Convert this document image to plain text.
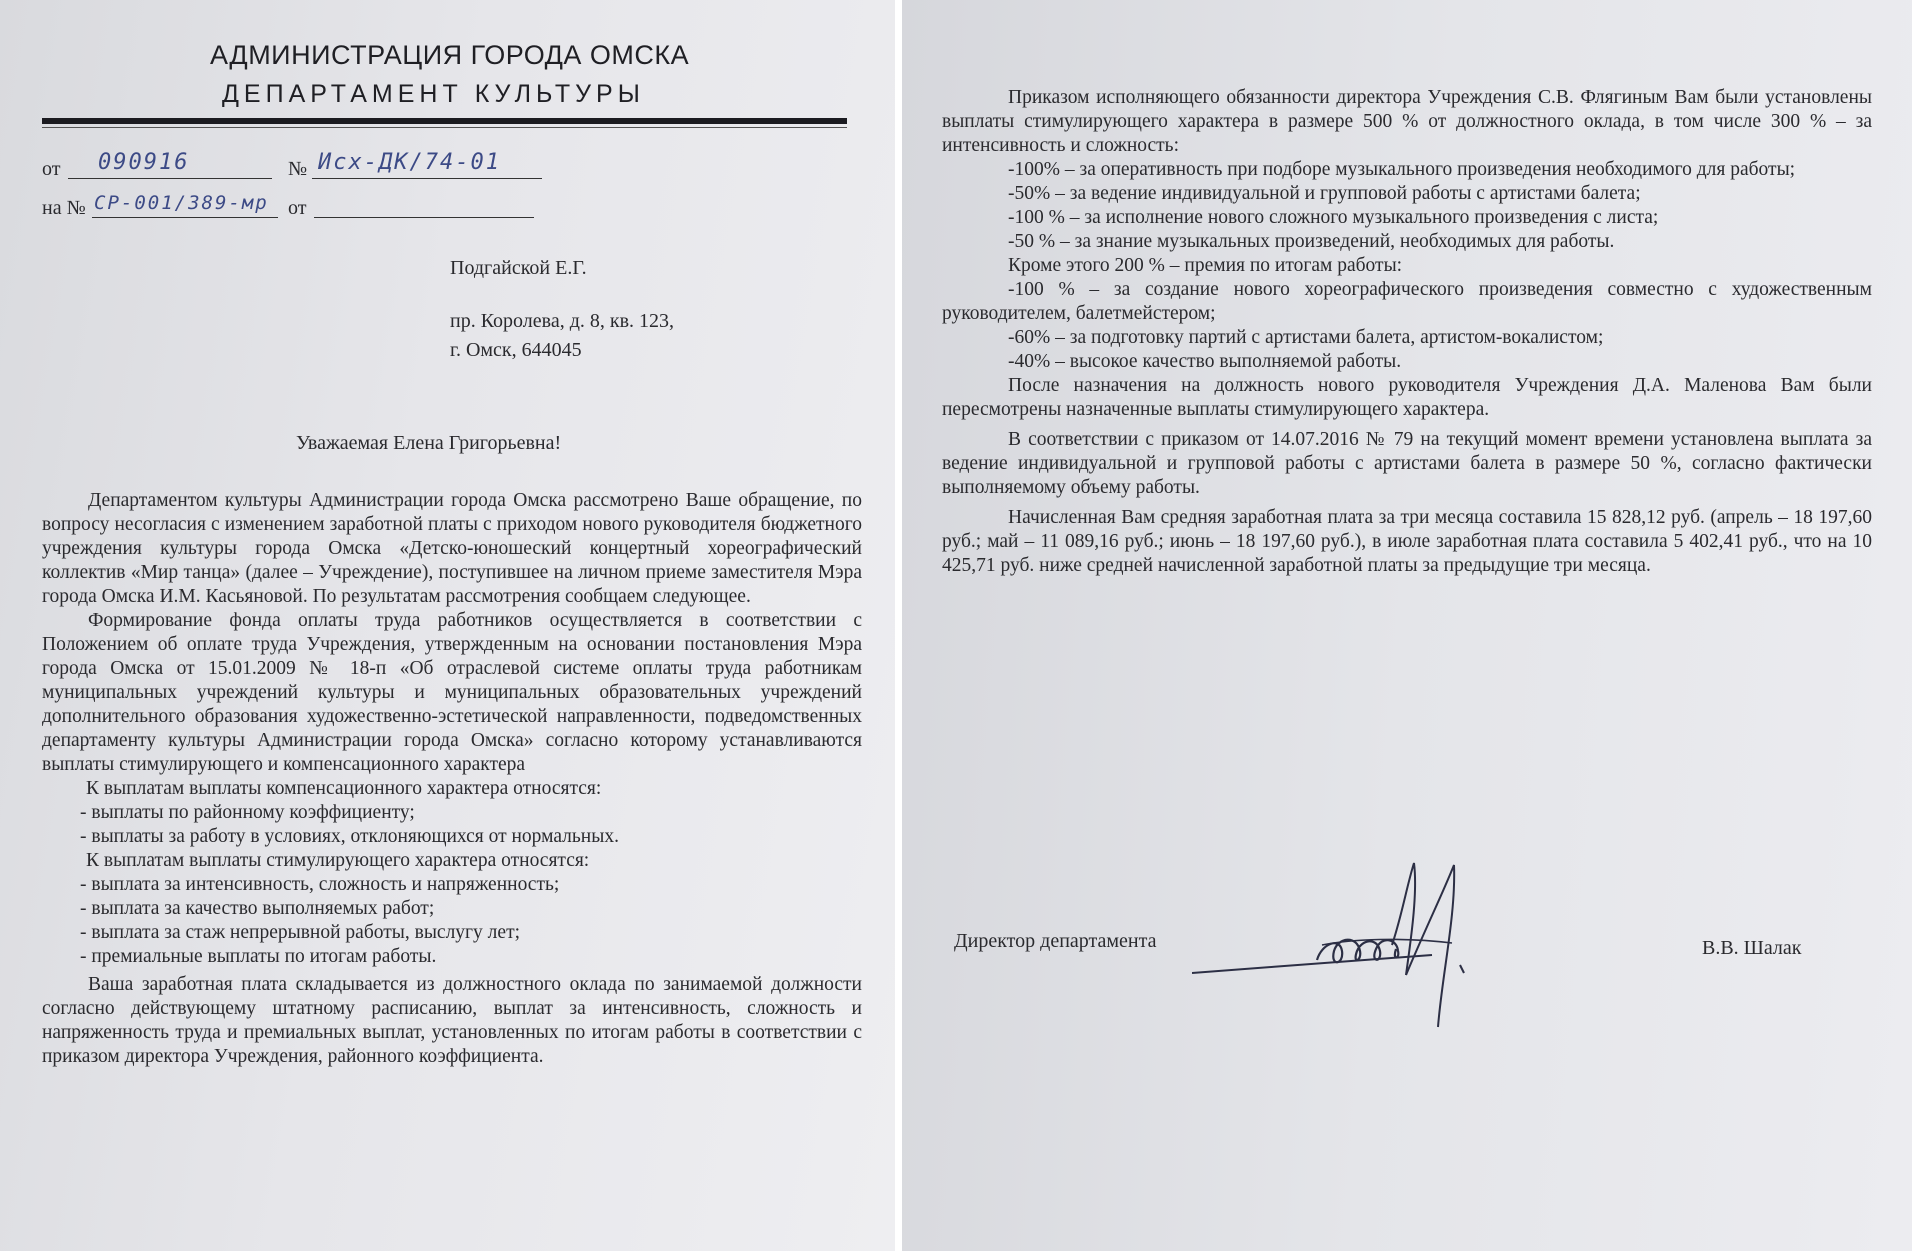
АДМИНИСТРАЦИЯ ГОРОДА ОМСКА
ДЕПАРТАМЕНТ КУЛЬТУРЫ
от 090916	№ Исх-ДК/74-01
на № СР-001/389-мр от
Подгайской Е.Г.
пр. Королева, д. 8, кв. 123,
г. Омск, 644045
Уважаемая Елена Григорьевна!

Департаментом культуры Администрации города Омска рассмотрено Ваше обращение, по вопросу несогласия с изменением заработной платы с приходом нового руководителя бюджетного учреждения культуры города Омска «Детско-юношеский концертный хореографический коллектив «Мир танца» (далее – Учреждение), поступившее на личном приеме заместителя Мэра города Омска И.М. Касьяновой. По результатам рассмотрения сообщаем следующее.

Формирование фонда оплаты труда работников осуществляется в соответствии с Положением об оплате труда Учреждения, утвержденным на основании постановления Мэра города Омска от 15.01.2009 № 18-п «Об отраслевой системе оплаты труда работникам муниципальных учреждений культуры и муниципальных образовательных учреждений дополнительного образования художественно-эстетической направленности, подведомственных департаменту культуры Администрации города Омска» согласно которому устанавливаются выплаты стимулирующего и компенсационного характера

К выплатам выплаты компенсационного характера относятся:

- выплаты по районному коэффициенту;

- выплаты за работу в условиях, отклоняющихся от нормальных.

К выплатам выплаты стимулирующего характера относятся:

- выплата за интенсивность, сложность и напряженность;

- выплата за качество выполняемых работ;

- выплата за стаж непрерывной работы, выслугу лет;

- премиальные выплаты по итогам работы.

Ваша заработная плата складывается из должностного оклада по занимаемой должности согласно действующему штатному расписанию, выплат за интенсивность, сложность и напряженность труда и премиальных выплат, установленных по итогам работы в соответствии с приказом директора Учреждения, районного коэффициента.

Приказом исполняющего обязанности директора Учреждения С.В. Флягиным Вам были установлены выплаты стимулирующего характера в размере 500 % от должностного оклада, в том числе 300 % – за интенсивность и сложность:

-100% – за оперативность при подборе музыкального произведения необходимого для работы;

-50% – за ведение индивидуальной и групповой работы с артистами балета;

-100 % – за исполнение нового сложного музыкального произведения с листа;

-50 % – за знание музыкальных произведений, необходимых для работы.

Кроме этого 200 % – премия по итогам работы:

-100 % – за создание нового хореографического произведения совместно с художественным руководителем, балетмейстером;

-60% – за подготовку партий с артистами балета, артистом-вокалистом;

-40% – высокое качество выполняемой работы.

После назначения на должность нового руководителя Учреждения Д.А. Маленова Вам были пересмотрены назначенные выплаты стимулирующего характера.

В соответствии с приказом от 14.07.2016 № 79 на текущий момент времени установлена выплата за ведение индивидуальной и групповой работы с артистами балета в размере 50 %, согласно фактически выполняемому объему работы.

Начисленная Вам средняя заработная плата за три месяца составила 15 828,12 руб. (апрель – 18 197,60 руб.; май – 11 089,16 руб.; июнь – 18 197,60 руб.), в июле заработная плата составила 5 402,41 руб., что на 10 425,71 руб. ниже средней начисленной заработной платы за предыдущие три месяца.

Директор департамента	В.В. Шалак
